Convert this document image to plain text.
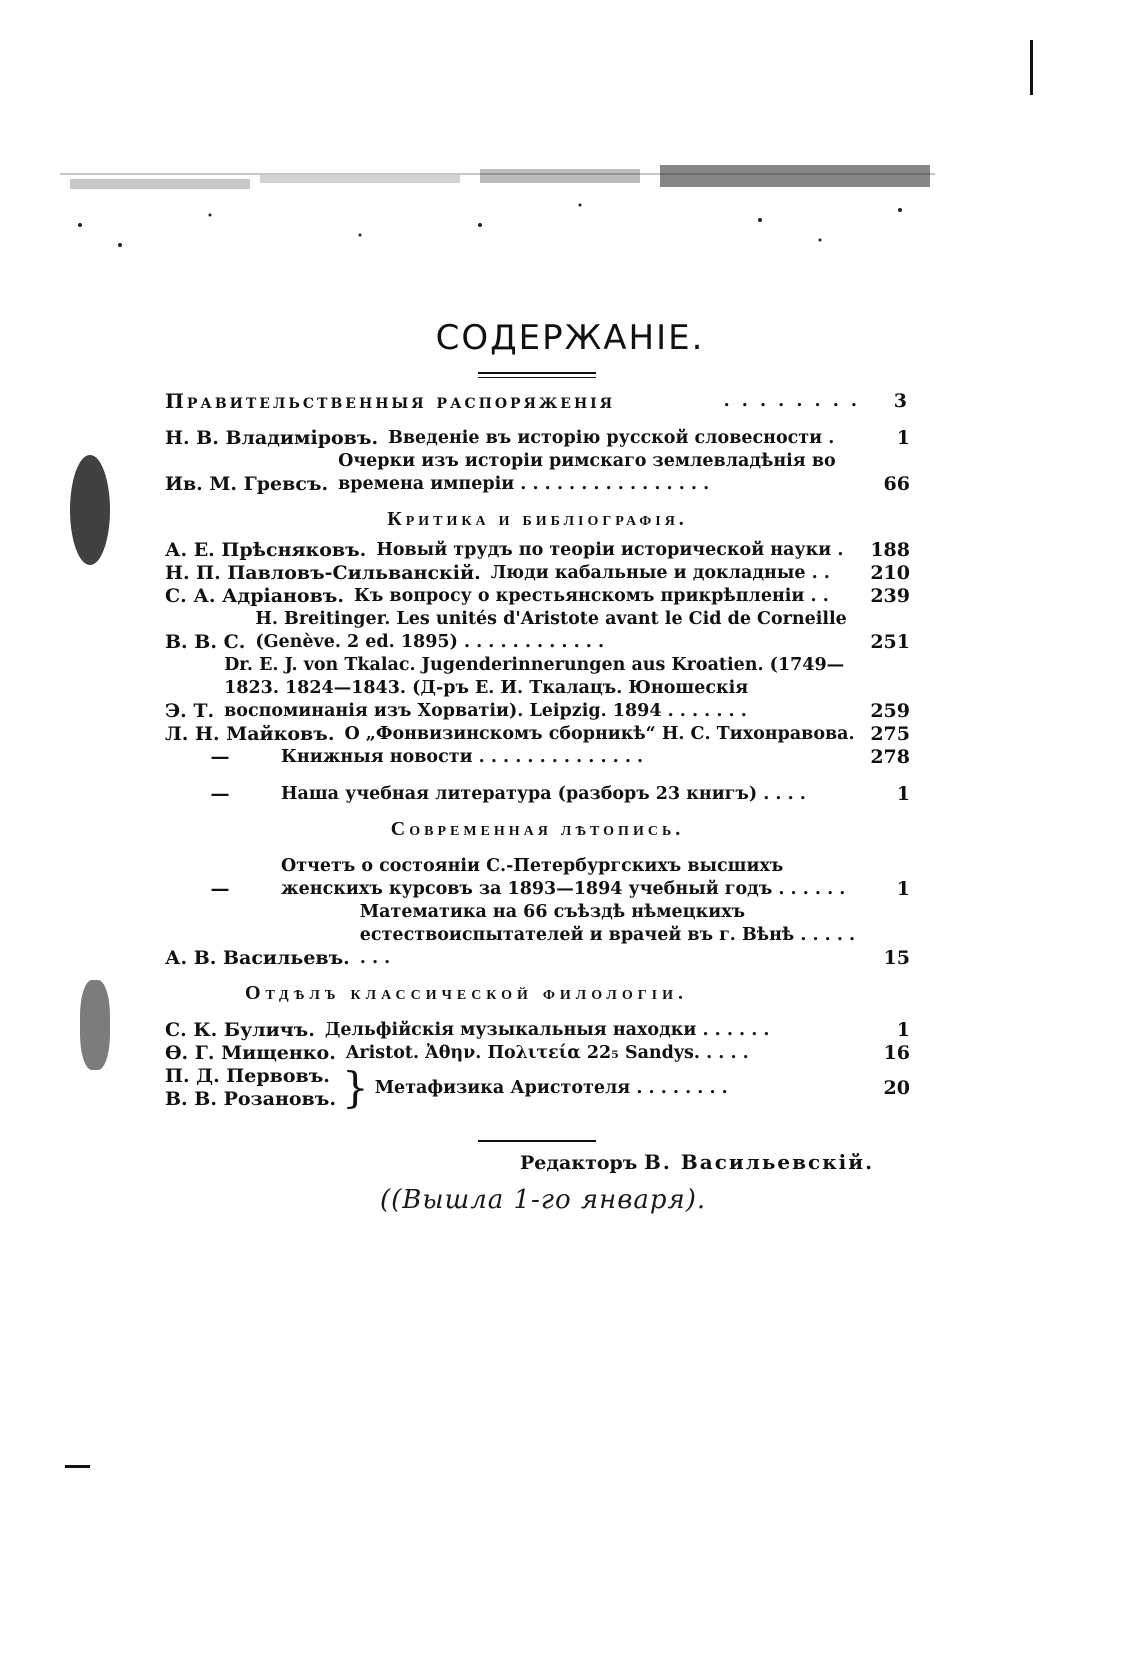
СОДЕРЖАНІЕ.
Правительственныя распоряженія	. . . . . . . .	3
Н. В. Владиміровъ. Введеніе въ исторію русской словесности .	1
Ив. М. Гревсъ.
Очерки изъ исторіи римскаго землевладѣнія во времена имперіи . . . . . . . . . . . . . . . .	66
Критика и библіографія.
А. Е. Прѣсняковъ. Новый трудъ по теоріи исторической науки .	188
Н. П. Павловъ-Сильванскій. Люди кабальные и докладные . .	210
С. А. Адріановъ. Къ вопросу о крестьянскомъ прикрѣпленіи . .	239
В. В. С.
H. Breitinger. Les unités d'Aristote avant le Cid de Corneille (Genève. 2 ed. 1895) . . . . . . . . . . . .	251
Э. Т.
Dr. E. J. von Tkalac. Jugenderinnerungen aus Kroatien. (1749—1823. 1824—1843. (Д-ръ Е. И. Ткалацъ. Юношескія воспоминанія изъ Хорватіи). Leipzig. 1894 . . . . . . .	259
Л. Н. Майковъ. О „Фонвизинскомъ сборникѣ“ Н. С. Тихонравова. 275
—	Книжныя новости . . . . . . . . . . . . . .	278
—	Наша учебная литература (разборъ 23 книгъ) . . . .	1
Современная лѣтопись.
—
Отчетъ о состояніи С.-Петербургскихъ высшихъ женскихъ курсовъ за 1893—1894 учебный годъ . . . . . .	1
А. В. Васильевъ.
Математика на 66 съѣздѣ нѣмецкихъ естествоиспытателей и врачей въ г. Вѣнѣ . . . . . . . .	15
Отдѣлъ классической филологіи.
С. К. Буличъ. Дельфійскія музыкальныя находки . . . . . .	1
Ѳ. Г. Мищенко. Aristot. Ἀθην. Πολιτεία 22₅ Sandys. . . . .	16
П. Д. Первовъ.
В. В. Розановъ. } Метафизика Аристотеля . . . . . . . .	20
Редакторъ В. Васильевскій.
((Вышла 1-го января).
